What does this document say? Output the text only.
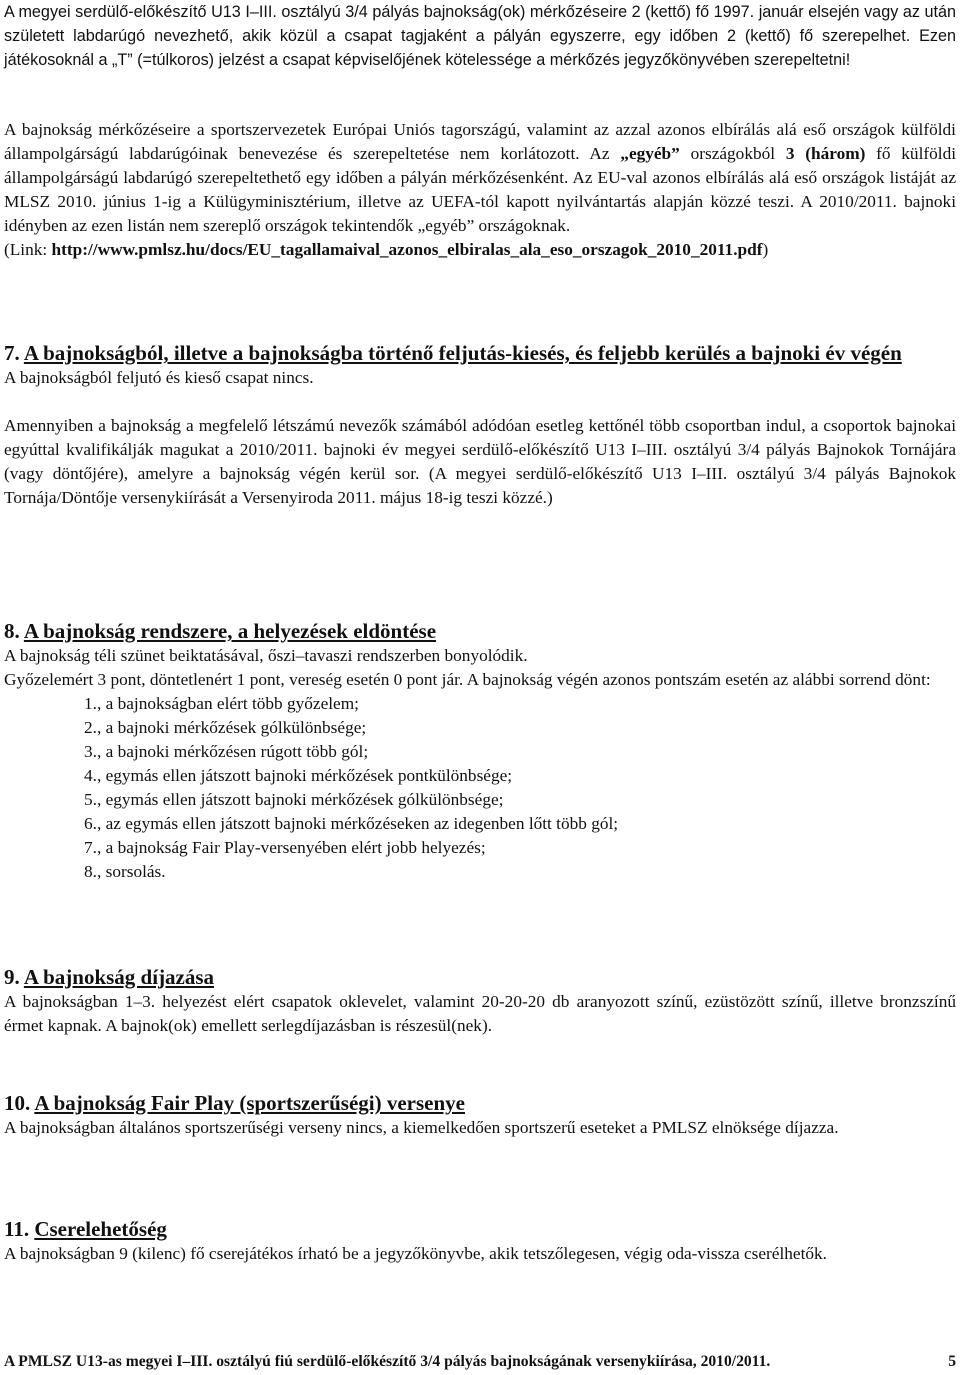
A megyei serdülő-előkészítő U13 I–III. osztályú 3/4 pályás bajnokság(ok) mérkőzéseire 2 (kettő) fő 1997. január elsején vagy az után született labdarúgó nevezhető, akik közül a csapat tagjaként a pályán egyszerre, egy időben 2 (kettő) fő szerepelhet. Ezen játékosoknál a „T” (=túlkoros) jelzést a csapat képviselőjének kötelessége a mérkőzés jegyzőkönyvében szerepeltetni!

A bajnokság mérkőzéseire a sportszervezetek Európai Uniós tagországú, valamint az azzal azonos elbírálás alá eső országok külföldi állampolgárságú labdarúgóinak benevezése és szerepeltetése nem korlátozott. Az „egyéb” országokból 3 (három) fő külföldi állampolgárságú labdarúgó szerepeltethető egy időben a pályán mérkőzésenként. Az EU-val azonos elbírálás alá eső országok listáját az MLSZ 2010. június 1-ig a Külügyminisztérium, illetve az UEFA-tól kapott nyilvántartás alapján közzé teszi. A 2010/2011. bajnoki idényben az ezen listán nem szereplő országok tekintendők „egyéb” országoknak.

(Link: http://www.pmlsz.hu/docs/EU_tagallamaival_azonos_elbiralas_ala_eso_orszagok_2010_2011.pdf)

7. A bajnokságból, illetve a bajnokságba történő feljutás-kiesés, és feljebb kerülés a bajnoki év végén

A bajnokságból feljutó és kieső csapat nincs.

Amennyiben a bajnokság a megfelelő létszámú nevezők számából adódóan esetleg kettőnél több csoportban indul, a csoportok bajnokai egyúttal kvalifikálják magukat a 2010/2011. bajnoki év megyei serdülő-előkészítő U13 I–III. osztályú 3/4 pályás Bajnokok Tornájára (vagy döntőjére), amelyre a bajnokság végén kerül sor. (A megyei serdülő-előkészítő U13 I–III. osztályú 3/4 pályás Bajnokok Tornája/Döntője versenykiírását a Versenyiroda 2011. május 18-ig teszi közzé.)

8. A bajnokság rendszere, a helyezések eldöntése

A bajnokság téli szünet beiktatásával, őszi–tavaszi rendszerben bonyolódik.

Győzelemért 3 pont, döntetlenért 1 pont, vereség esetén 0 pont jár. A bajnokság végén azonos pontszám esetén az alábbi sorrend dönt:

1., a bajnokságban elért több győzelem;
2., a bajnoki mérkőzések gólkülönbsége;
3., a bajnoki mérkőzésen rúgott több gól;
4., egymás ellen játszott bajnoki mérkőzések pontkülönbsége;
5., egymás ellen játszott bajnoki mérkőzések gólkülönbsége;
6., az egymás ellen játszott bajnoki mérkőzéseken az idegenben lőtt több gól;
7., a bajnokság Fair Play-versenyében elért jobb helyezés;
8., sorsolás.
9. A bajnokság díjazása

A bajnokságban 1–3. helyezést elért csapatok oklevelet, valamint 20-20-20 db aranyozott színű, ezüstözött színű, illetve bronzszínű érmet kapnak. A bajnok(ok) emellett serlegdíjazásban is részesül(nek).

10. A bajnokság Fair Play (sportszerűségi) versenye

A bajnokságban általános sportszerűségi verseny nincs, a kiemelkedően sportszerű eseteket a PMLSZ elnöksége díjazza.

11. Cserelehetőség

A bajnokságban 9 (kilenc) fő cserejátékos írható be a jegyzőkönyvbe, akik tetszőlegesen, végig oda-vissza cserélhetők.

A PMLSZ U13-as megyei I–III. osztályú fiú serdülő-előkészítő 3/4 pályás bajnokságának versenykiírása, 2010/2011.	5
